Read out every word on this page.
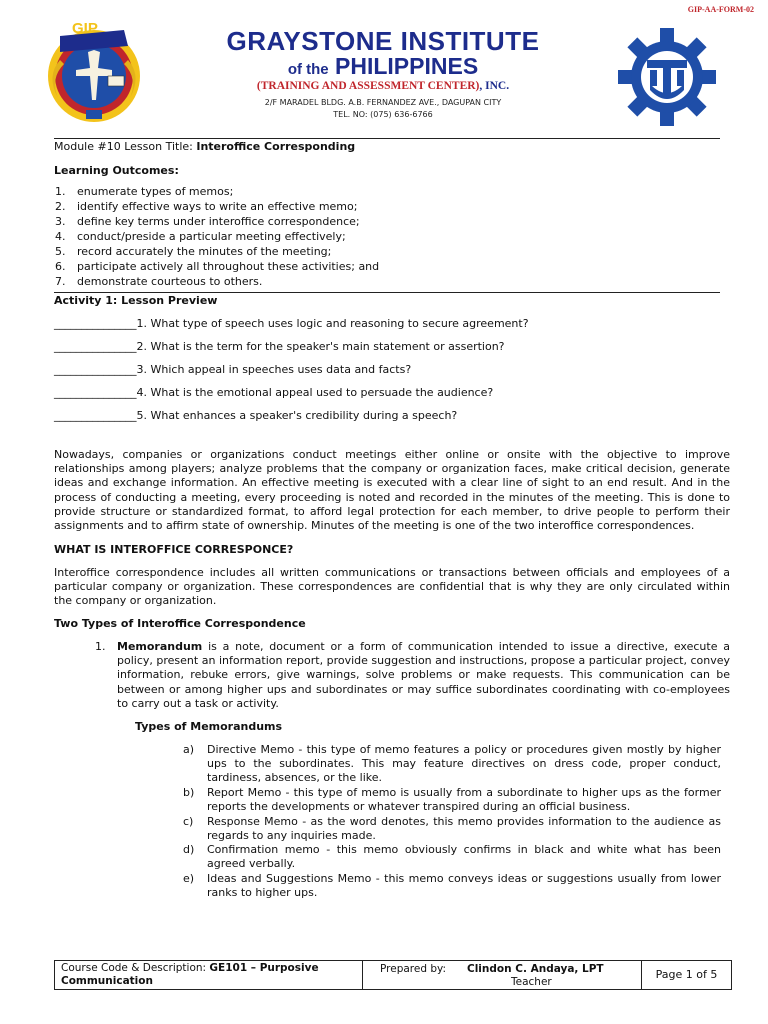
GIP-AA-FORM-02
GIP	GRAYSTONE INSTITUTE
of the PHILIPPINES
(TRAINING AND ASSESSMENT CENTER), INC.
2/F MARADEL BLDG. A.B. FERNANDEZ AVE., DAGUPAN CITY
TEL. NO: (075) 636-6766
Module #10 Lesson Title: Interoffice Corresponding
Learning Outcomes:
1. enumerate types of memos;
2. identify effective ways to write an effective memo;
3. define key terms under interoffice correspondence;
4. conduct/preside a particular meeting effectively;
5. record accurately the minutes of the meeting;
6. participate actively all throughout these activities; and
7. demonstrate courteous to others.
Activity 1: Lesson Preview
_______________1. What type of speech uses logic and reasoning to secure agreement?
_______________2. What is the term for the speaker's main statement or assertion?
_______________3. Which appeal in speeches uses data and facts?
_______________4. What is the emotional appeal used to persuade the audience?
_______________5. What enhances a speaker's credibility during a speech?
Nowadays, companies or organizations conduct meetings either online or onsite with the objective to improve relationships among players; analyze problems that the company or organization faces, make critical decision, generate ideas and exchange information. An effective meeting is executed with a clear line of sight to an end result. And in the process of conducting a meeting, every proceeding is noted and recorded in the minutes of the meeting. This is done to provide structure or standardized format, to afford legal protection for each member, to drive people to perform their assignments and to affirm state of ownership. Minutes of the meeting is one of the two interoffice correspondences.
WHAT IS INTEROFFICE CORRESPONCE?
Interoffice correspondence includes all written communications or transactions between officials and employees of a particular company or organization. These correspondences are confidential that is why they are only circulated within the company or organization.
Two Types of Interoffice Correspondence
1. Memorandum is a note, document or a form of communication intended to issue a directive, execute a policy, present an information report, provide suggestion and instructions, propose a particular project, convey information, rebuke errors, give warnings, solve problems or make requests. This communication can be between or among higher ups and subordinates or may suffice subordinates coordinating with co-employees to carry out a task or activity.
Types of Memorandums
a) Directive Memo - this type of memo features a policy or procedures given mostly by higher ups to the subordinates. This may feature directives on dress code, proper conduct, tardiness, absences, or the like.
b) Report Memo - this type of memo is usually from a subordinate to higher ups as the former reports the developments or whatever transpired during an official business.
c) Response Memo - as the word denotes, this memo provides information to the audience as regards to any inquiries made.
d) Confirmation memo - this memo obviously confirms in black and white what has been agreed verbally.
e) Ideas and Suggestions Memo - this memo conveys ideas or suggestions usually from lower ranks to higher ups.
Course Code & Description: GE101 – Purposive
Communication
Prepared by: Clindon C. Andaya, LPT
Teacher
Page 1 of 5
